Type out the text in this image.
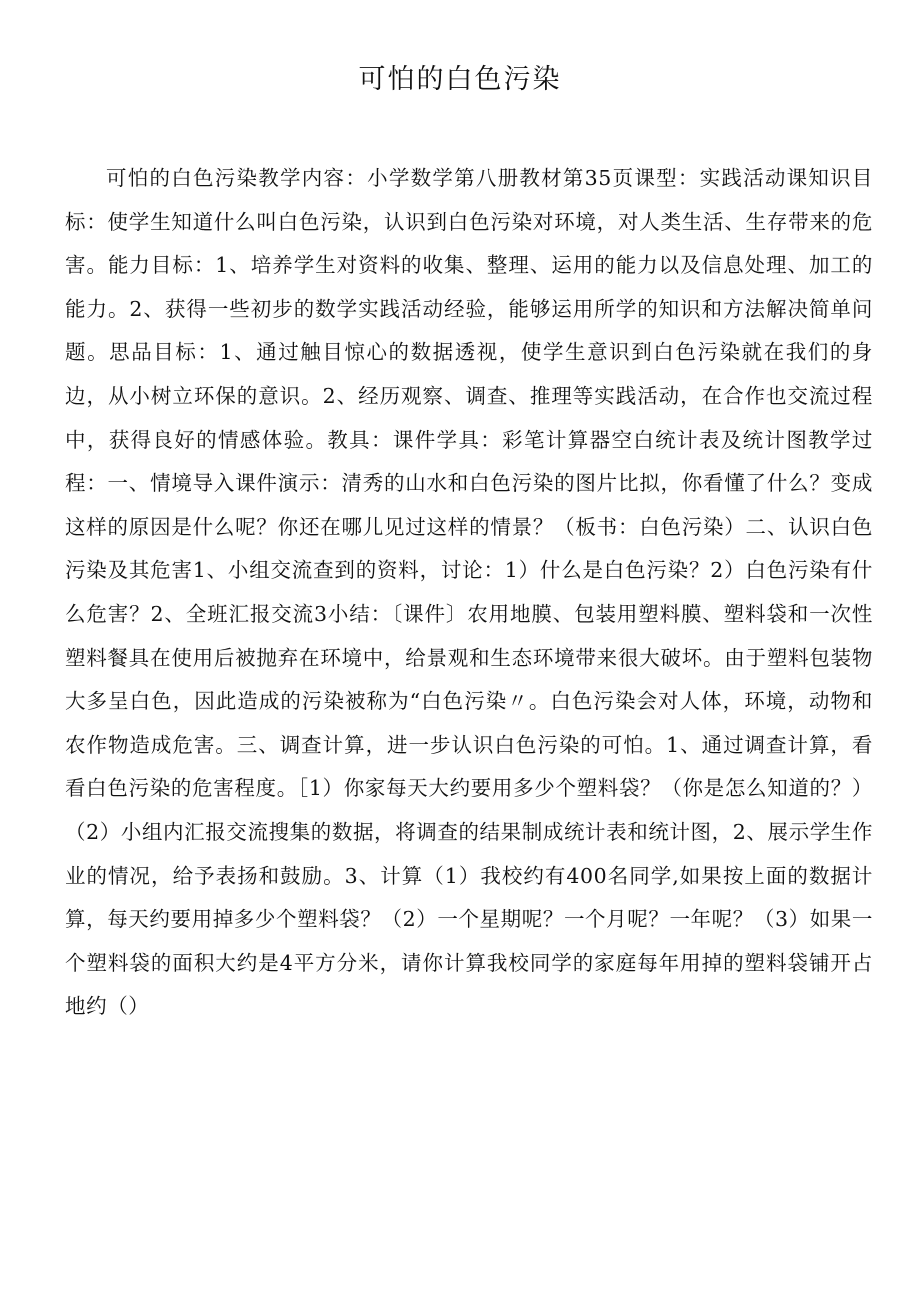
可怕的白色污染

可怕的白色污染教学内容：小学数学第八册教材第35页课型：实践活动课知识目标：使学生知道什么叫白色污染，认识到白色污染对环境，对人类生活、生存带来的危害。能力目标：1、培养学生对资料的收集、整理、运用的能力以及信息处理、加工的能力。2、获得一些初步的数学实践活动经验，能够运用所学的知识和方法解决简单问题。思品目标：1、通过触目惊心的数据透视，使学生意识到白色污染就在我们的身边，从小树立环保的意识。2、经历观察、调查、推理等实践活动，在合作也交流过程中，获得良好的情感体验。教具：课件学具：彩笔计算器空白统计表及统计图教学过程：一、情境导入课件演示：清秀的山水和白色污染的图片比拟，你看懂了什么？变成这样的原因是什么呢？你还在哪儿见过这样的情景？（板书：白色污染）二、认识白色污染及其危害1、小组交流查到的资料，讨论：1）什么是白色污染？2）白色污染有什么危害？2、全班汇报交流3小结：〔课件〕农用地膜、包装用塑料膜、塑料袋和一次性塑料餐具在使用后被抛弃在环境中，给景观和生态环境带来很大破坏。由于塑料包装物大多呈白色，因此造成的污染被称为“白色污染〃。白色污染会对人体，环境，动物和农作物造成危害。三、调查计算，进一步认识白色污染的可怕。1、通过调查计算，看看白色污染的危害程度。［1）你家每天大约要用多少个塑料袋？（你是怎么知道的？）（2）小组内汇报交流搜集的数据，将调查的结果制成统计表和统计图，2、展示学生作业的情况，给予表扬和鼓励。3、计算（1）我校约有400名同学,如果按上面的数据计算，每天约要用掉多少个塑料袋？（2）一个星期呢？一个月呢？一年呢？（3）如果一个塑料袋的面积大约是4平方分米，请你计算我校同学的家庭每年用掉的塑料袋铺开占地约（）
